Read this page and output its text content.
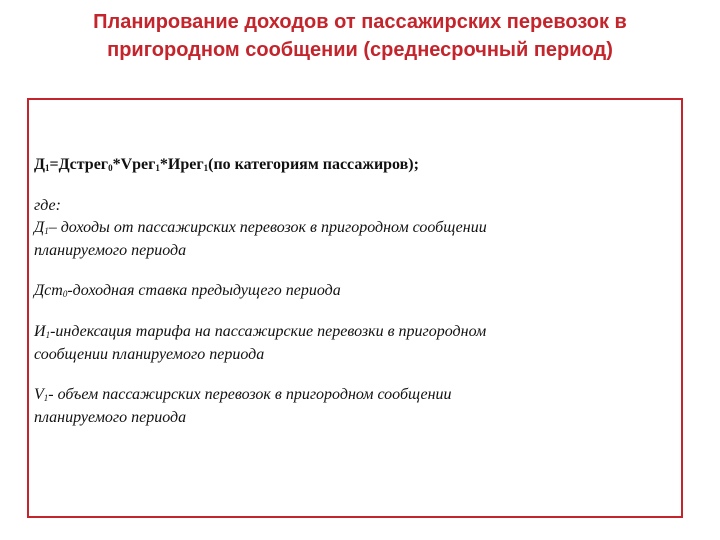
Планирование доходов от пассажирских перевозок в
пригородном сообщении (среднесрочный период)

Д1=Дстрег0*Vрег1*Ирег1(по категориям пассажиров);

где:

Д1– доходы от пассажирских перевозок в пригородном сообщении

планируемого периода

Дст0-доходная ставка предыдущего периода

И1-индексация тарифа на пассажирские перевозки в пригородном

сообщении планируемого периода

V1- объем пассажирских перевозок в пригородном сообщении

планируемого периода
